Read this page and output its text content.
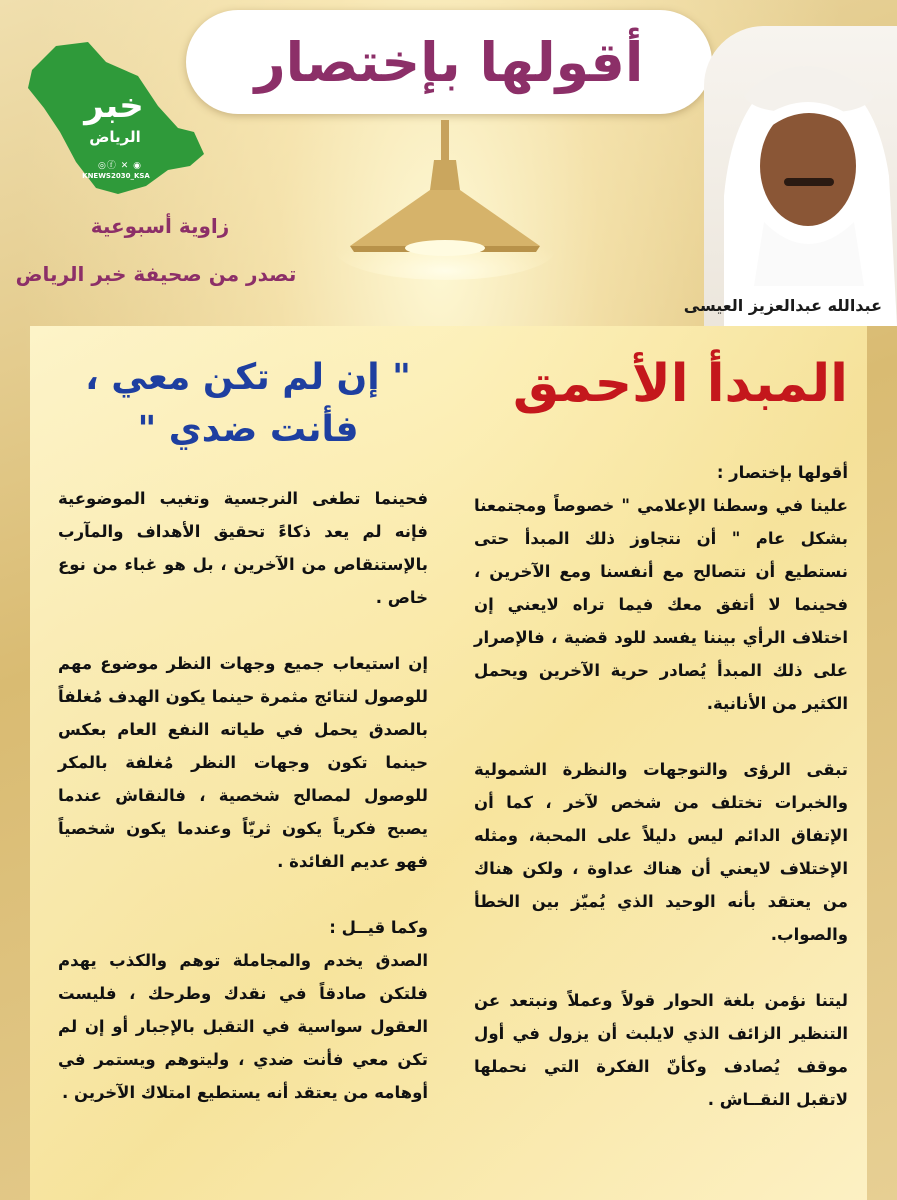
خبر
الرياض
◎ⓕ ✕ ◉
KNEWS2030_KSA
أقولها بإختصار
زاوية أسبوعية
تصدر من صحيفة خبر الرياض
عبدالله عبدالعزيز العيسى
المبدأ الأحمق
" إن لم تكن معي ،
فأنت ضدي "
أقولها بإختصار :

علينا في وسطنا الإعلامي " خصوصاً ومجتمعنا بشكل عام " أن نتجاوز ذلك المبدأ حتى نستطيع أن نتصالح مع أنفسنا ومع الآخرين ، فحينما لا أتفق معك فيما تراه لايعني إن اختلاف الرأي بيننا يفسد للود قضية ، فالإصرار على ذلك المبدأ يُصادر حرية الآخرين ويحمل الكثير من الأنانية.

تبقى الرؤى والتوجهات والنظرة الشمولية والخبرات تختلف من شخص لآخر ، كما أن الإتفاق الدائم ليس دليلاً على المحبة، ومثله الإختلاف لايعني أن هناك عداوة ، ولكن هناك من يعتقد بأنه الوحيد الذي يُميّز بين الخطأ والصواب.

ليتنا نؤمن بلغة الحوار قولاً وعملاً ونبتعد عن التنظير الزائف الذي لايلبث أن يزول في أول موقف يُصادف وكأنّ الفكرة التي نحملها لاتقبل النقــاش .

فحينما تطغى النرجسية وتغيب الموضوعية فإنه لم يعد ذكاءً تحقيق الأهداف والمآرب بالإستنقاص من الآخرين ، بل هو غباء من نوع خاص .

إن استيعاب جميع وجهات النظر موضوع مهم للوصول لنتائج مثمرة حينما يكون الهدف مُغلفاً بالصدق يحمل في طياته النفع العام بعكس حينما تكون وجهات النظر مُغلفة بالمكر للوصول لمصالح شخصية ، فالنقاش عندما يصبح فكرياً يكون ثريّاً وعندما يكون شخصياً فهو عديم الفائدة .

وكما قيــل :
الصدق يخدم والمجاملة توهم والكذب يهدم فلتكن صادقاً في نقدك وطرحك ، فليست العقول سواسية في التقبل بالإجبار أو إن لم تكن معي فأنت ضدي ، وليتوهم ويستمر في أوهامه من يعتقد أنه يستطيع امتلاك الآخرين .
